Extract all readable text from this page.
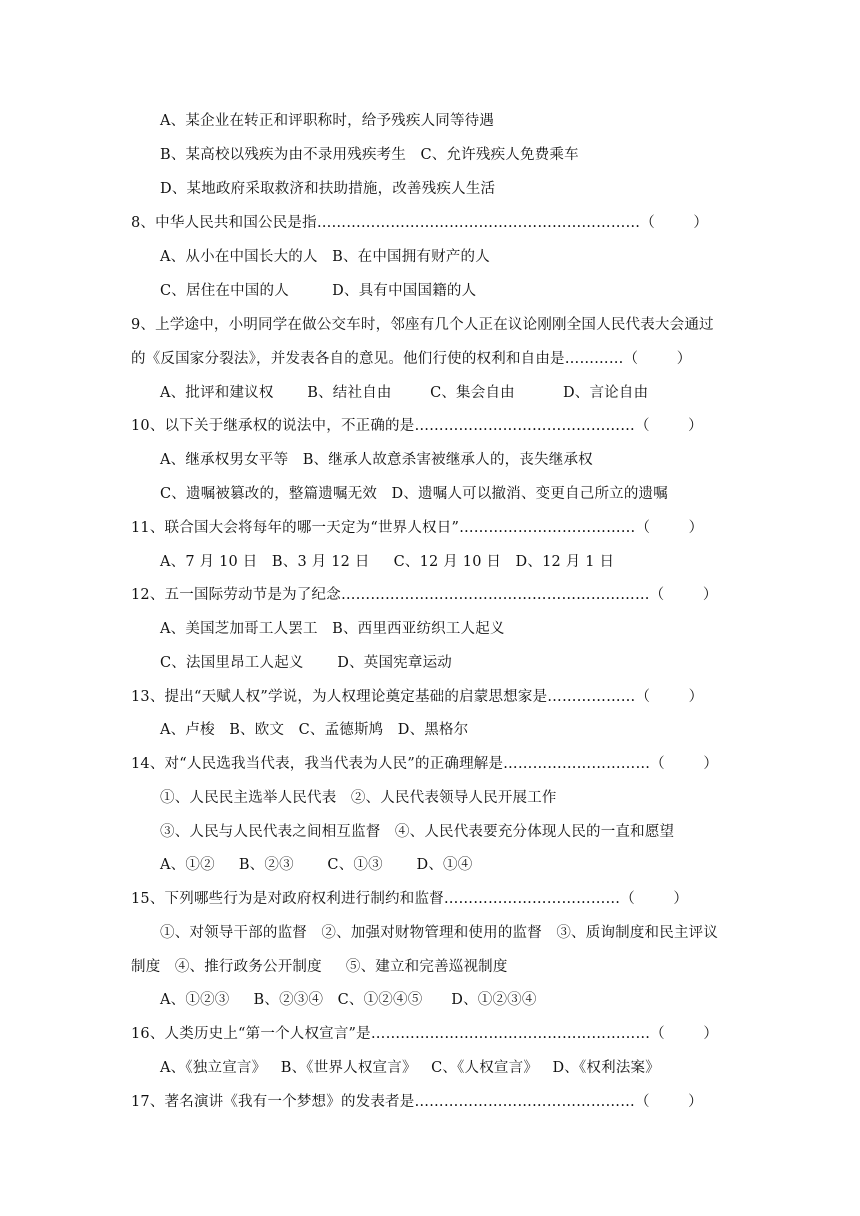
A、某企业在转正和评职称时，给予残疾人同等待遇
B、某高校以残疾为由不录用残疾考生   C、允许残疾人免费乘车
D、某地政府采取救济和扶助措施，改善残疾人生活
8、中华人民共和国公民是指…………………………………………………………（        ）
A、从小在中国长大的人   B、在中国拥有财产的人
C、居住在中国的人         D、具有中国国籍的人
9、上学途中，小明同学在做公交车时，邻座有几个人正在议论刚刚全国人民代表大会通过
的《反国家分裂法》，并发表各自的意见。他们行使的权利和自由是…………（        ）
A、批评和建议权       B、结社自由        C、集会自由          D、言论自由
10、以下关于继承权的说法中，不正确的是………………………………………（        ）
A、继承权男女平等   B、继承人故意杀害被继承人的，丧失继承权
C、遗嘱被篡改的，整篇遗嘱无效   D、遗嘱人可以撤消、变更自己所立的遗嘱
11、联合国大会将每年的哪一天定为“世界人权日”………………………………（        ）
A、7 月 10 日   B、3 月 12 日     C、12 月 10 日   D、12 月 1 日
12、五一国际劳动节是为了纪念………………………………………………………（        ）
A、美国芝加哥工人罢工   B、西里西亚纺织工人起义
C、法国里昂工人起义       D、英国宪章运动
13、提出“天赋人权”学说，为人权理论奠定基础的启蒙思想家是………………（        ）
A、卢梭   B、欧文   C、孟德斯鸠   D、黑格尔
14、对“人民选我当代表，我当代表为人民”的正确理解是…………………………（        ）
①、人民民主选举人民代表   ②、人民代表领导人民开展工作
③、人民与人民代表之间相互监督   ④、人民代表要充分体现人民的一直和愿望
A、①②     B、②③       C、①③       D、①④
15、下列哪些行为是对政府权利进行制约和监督………………………………（        ）
①、对领导干部的监督   ②、加强对财物管理和使用的监督   ③、质询制度和民主评议
制度   ④、推行政务公开制度     ⑤、建立和完善巡视制度
A、①②③     B、②③④   C、①②④⑤      D、①②③④
16、人类历史上“第一个人权宣言”是…………………………………………………（        ）
A、《独立宣言》   B、《世界人权宣言》   C、《人权宣言》   D、《权利法案》
17、著名演讲《我有一个梦想》的发表者是………………………………………（        ）
